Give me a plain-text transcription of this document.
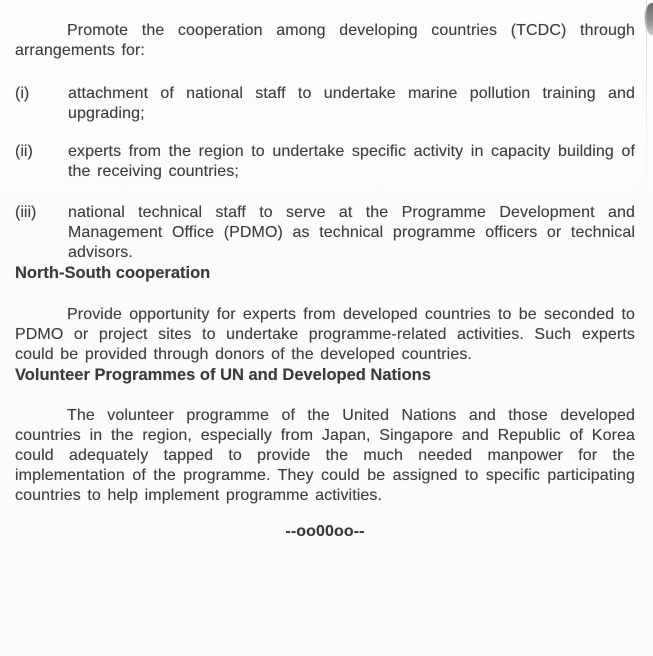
Promote the cooperation among developing countries (TCDC) through arrangements for:

(i) attachment of national staff to undertake marine pollution training and upgrading;

(ii) experts from the region to undertake specific activity in capacity building of the receiving countries;

(iii) national technical staff to serve at the Programme Development and Management Office (PDMO) as technical programme officers or technical advisors.

North-South cooperation

Provide opportunity for experts from developed countries to be seconded to PDMO or project sites to undertake programme-related activities. Such experts could be provided through donors of the developed countries.

Volunteer Programmes of UN and Developed Nations

The volunteer programme of the United Nations and those developed countries in the region, especially from Japan, Singapore and Republic of Korea could adequately tapped to provide the much needed manpower for the implementation of the programme. They could be assigned to specific participating countries to help implement programme activities.

--oo00oo--
